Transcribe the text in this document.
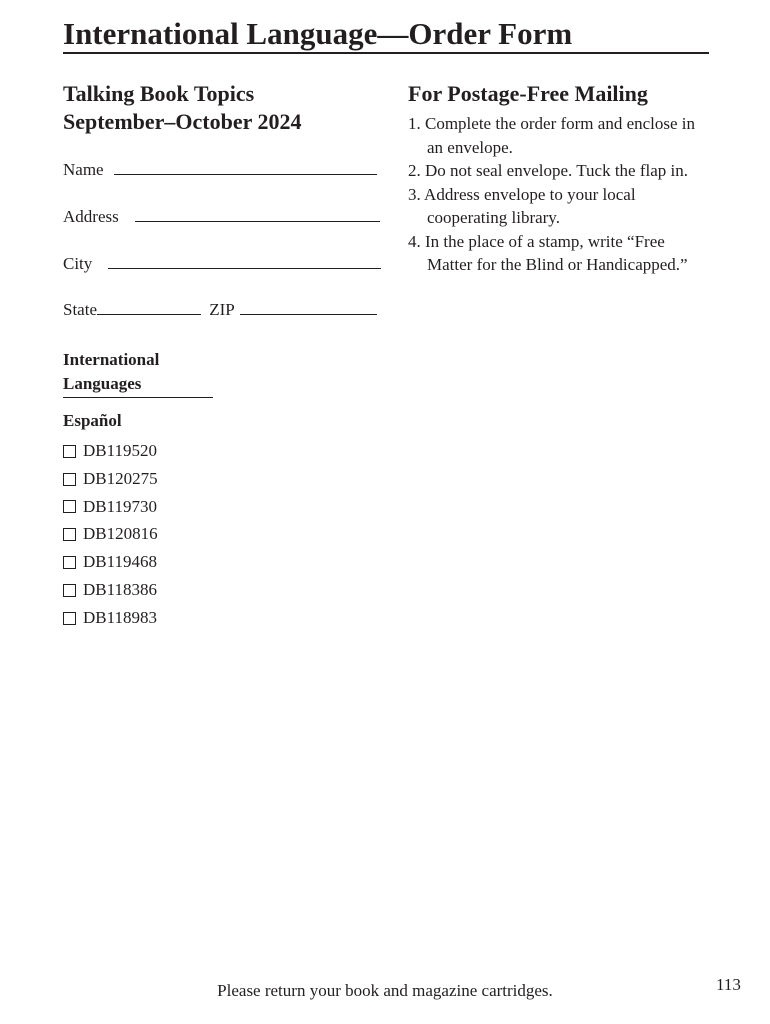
International Language—Order Form
Talking Book Topics
September–October 2024
Name
Address
City
State	ZIP
For Postage-Free Mailing
1. Complete the order form and enclose in an envelope.
2. Do not seal envelope. Tuck the flap in.
3. Address envelope to your local cooperating library.
4. In the place of a stamp, write “Free Matter for the Blind or Handicapped.”
International
Languages
Español
DB119520
DB120275
DB119730
DB120816
DB119468
DB118386
DB118983
Please return your book and magazine cartridges.	113
